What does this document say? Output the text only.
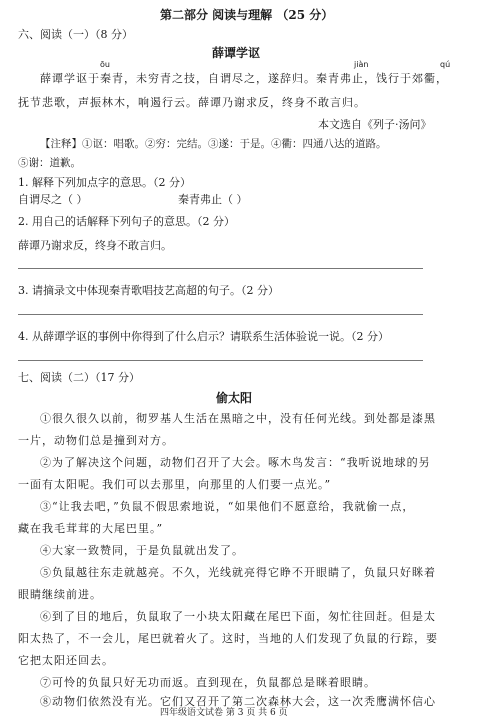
第二部分 阅读与理解 （25 分）
六、阅读（一）（8 分）
薛谭学讴
ōu	jiàn	qú
薛谭学讴于秦青，未穷青之技，自谓尽之，遂辞归。秦青弗止，饯行于郊衢，
抚节悲歌，声振林木，响遏行云。薛谭乃谢求反，终身不敢言归。
本文选自《列子·汤问》
【注释】①讴：唱歌。②穷：完结。③遂：于是。④衢：四通八达的道路。
⑤谢：道歉。
1. 解释下列加点字的意思。（2 分）
自谓尽之（ ）	秦青弗止（ ）
2. 用自己的话解释下列句子的意思。（2 分）
薛谭乃谢求反，终身不敢言归。
3. 请摘录文中体现秦青歌唱技艺高超的句子。（2 分）
4. 从薛谭学讴的事例中你得到了什么启示？请联系生活体验说一说。（2 分）
七、阅读（二）（17 分）
偷太阳
①很久很久以前，彻罗基人生活在黑暗之中，没有任何光线。到处都是漆黑
一片，动物们总是撞到对方。
②为了解决这个问题，动物们召开了大会。啄木鸟发言：“我听说地球的另
一面有太阳呢。我们可以去那里，向那里的人们要一点光。”
③“让我去吧，”负鼠不假思索地说，“如果他们不愿意给，我就偷一点，
藏在我毛茸茸的大尾巴里。”
④大家一致赞同，于是负鼠就出发了。
⑤负鼠越往东走就越亮。不久，光线就亮得它睁不开眼睛了，负鼠只好眯着
眼睛继续前进。
⑥到了目的地后，负鼠取了一小块太阳藏在尾巴下面，匆忙往回赶。但是太
阳太热了，不一会儿，尾巴就着火了。这时，当地的人们发现了负鼠的行踪，要
它把太阳还回去。
⑦可怜的负鼠只好无功而返。直到现在，负鼠都总是眯着眼睛。
⑧动物们依然没有光。它们又召开了第二次森林大会，这一次秃鹰满怀信心
四年级语文试卷 第 3 页 共 6 页
